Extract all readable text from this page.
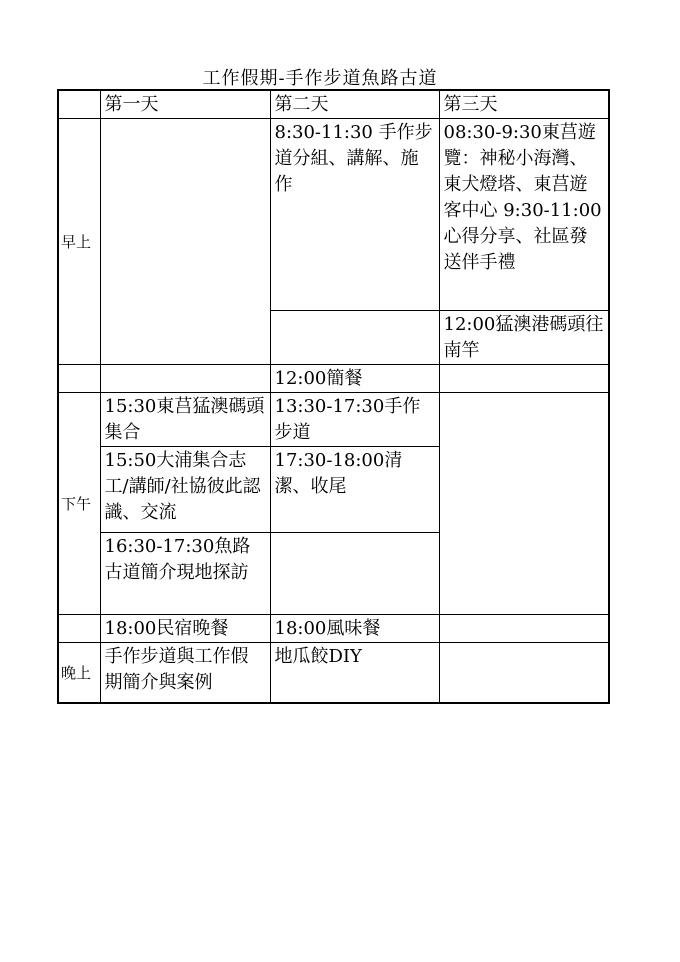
工作假期-手作步道魚路古道
	第一天	第二天	第三天
早上		8:30-11:30 手作步道分組、講解、施作	08:30-9:30東莒遊覽：神秘小海灣、東犬燈塔、東莒遊客中心 9:30-11:00心得分享、社區發送伴手禮
			12:00猛澳港碼頭往南竿
		12:00簡餐	
下午	15:30東莒猛澳碼頭集合	13:30-17:30手作步道	
	15:50大浦集合志工/講師/社協彼此認識、交流	17:30-18:00清潔、收尾	
	16:30-17:30魚路古道簡介現地探訪		
	18:00民宿晚餐	18:00風味餐	
晚上	手作步道與工作假期簡介與案例	地瓜餃DIY	
